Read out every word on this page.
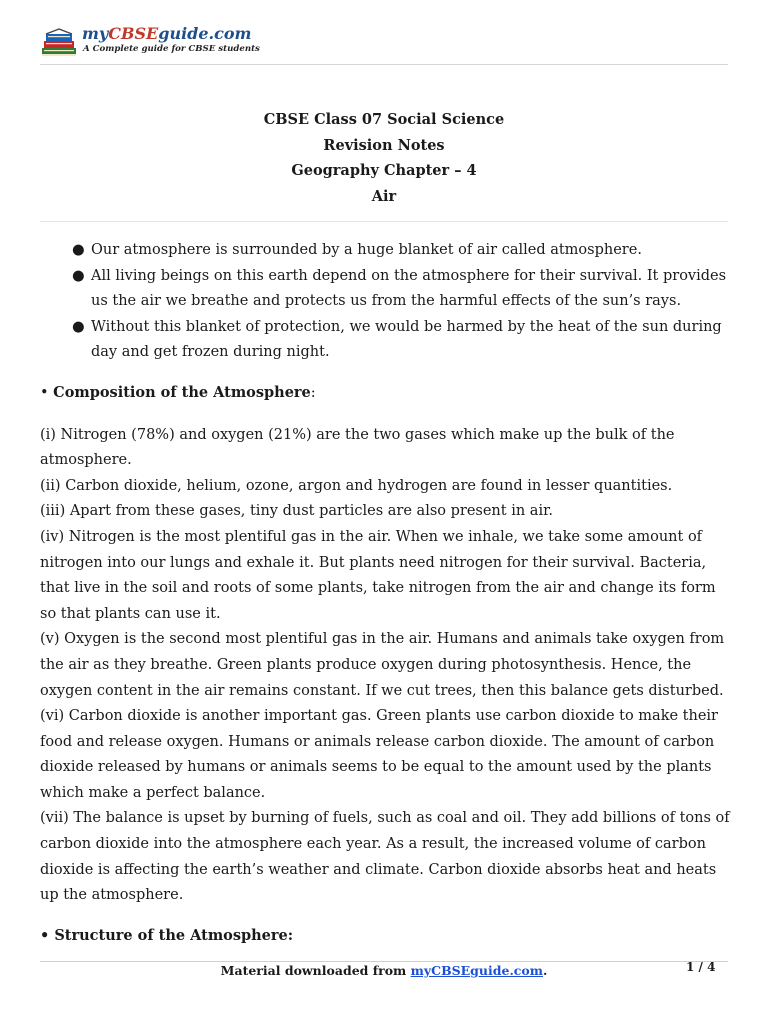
myCBSEguide.com
A Complete guide for CBSE students
CBSE Class 07 Social Science
Revision Notes
Geography Chapter – 4
Air
● Our atmosphere is surrounded by a huge blanket of air called atmosphere.
● All living beings on this earth depend on the atmosphere for their survival. It provides us the air we breathe and protects us from the harmful effects of the sun’s rays.
● Without this blanket of protection, we would be harmed by the heat of the sun during day and get frozen during night.
• Composition of the Atmosphere:
(i) Nitrogen (78%) and oxygen (21%) are the two gases which make up the bulk of the atmosphere.
(ii) Carbon dioxide, helium, ozone, argon and hydrogen are found in lesser quantities.
(iii) Apart from these gases, tiny dust particles are also present in air.
(iv) Nitrogen is the most plentiful gas in the air. When we inhale, we take some amount of nitrogen into our lungs and exhale it. But plants need nitrogen for their survival. Bacteria, that live in the soil and roots of some plants, take nitrogen from the air and change its form so that plants can use it.
(v) Oxygen is the second most plentiful gas in the air. Humans and animals take oxygen from the air as they breathe. Green plants produce oxygen during photosynthesis. Hence, the oxygen content in the air remains constant. If we cut trees, then this balance gets disturbed.
(vi) Carbon dioxide is another important gas. Green plants use carbon dioxide to make their food and release oxygen. Humans or animals release carbon dioxide. The amount of carbon dioxide released by humans or animals seems to be equal to the amount used by the plants which make a perfect balance.
(vii) The balance is upset by burning of fuels, such as coal and oil. They add billions of tons of carbon dioxide into the atmosphere each year. As a result, the increased volume of carbon dioxide is affecting the earth’s weather and climate. Carbon dioxide absorbs heat and heats up the atmosphere.
• Structure of the Atmosphere:
Material downloaded from myCBSEguide.com.	1 / 4
